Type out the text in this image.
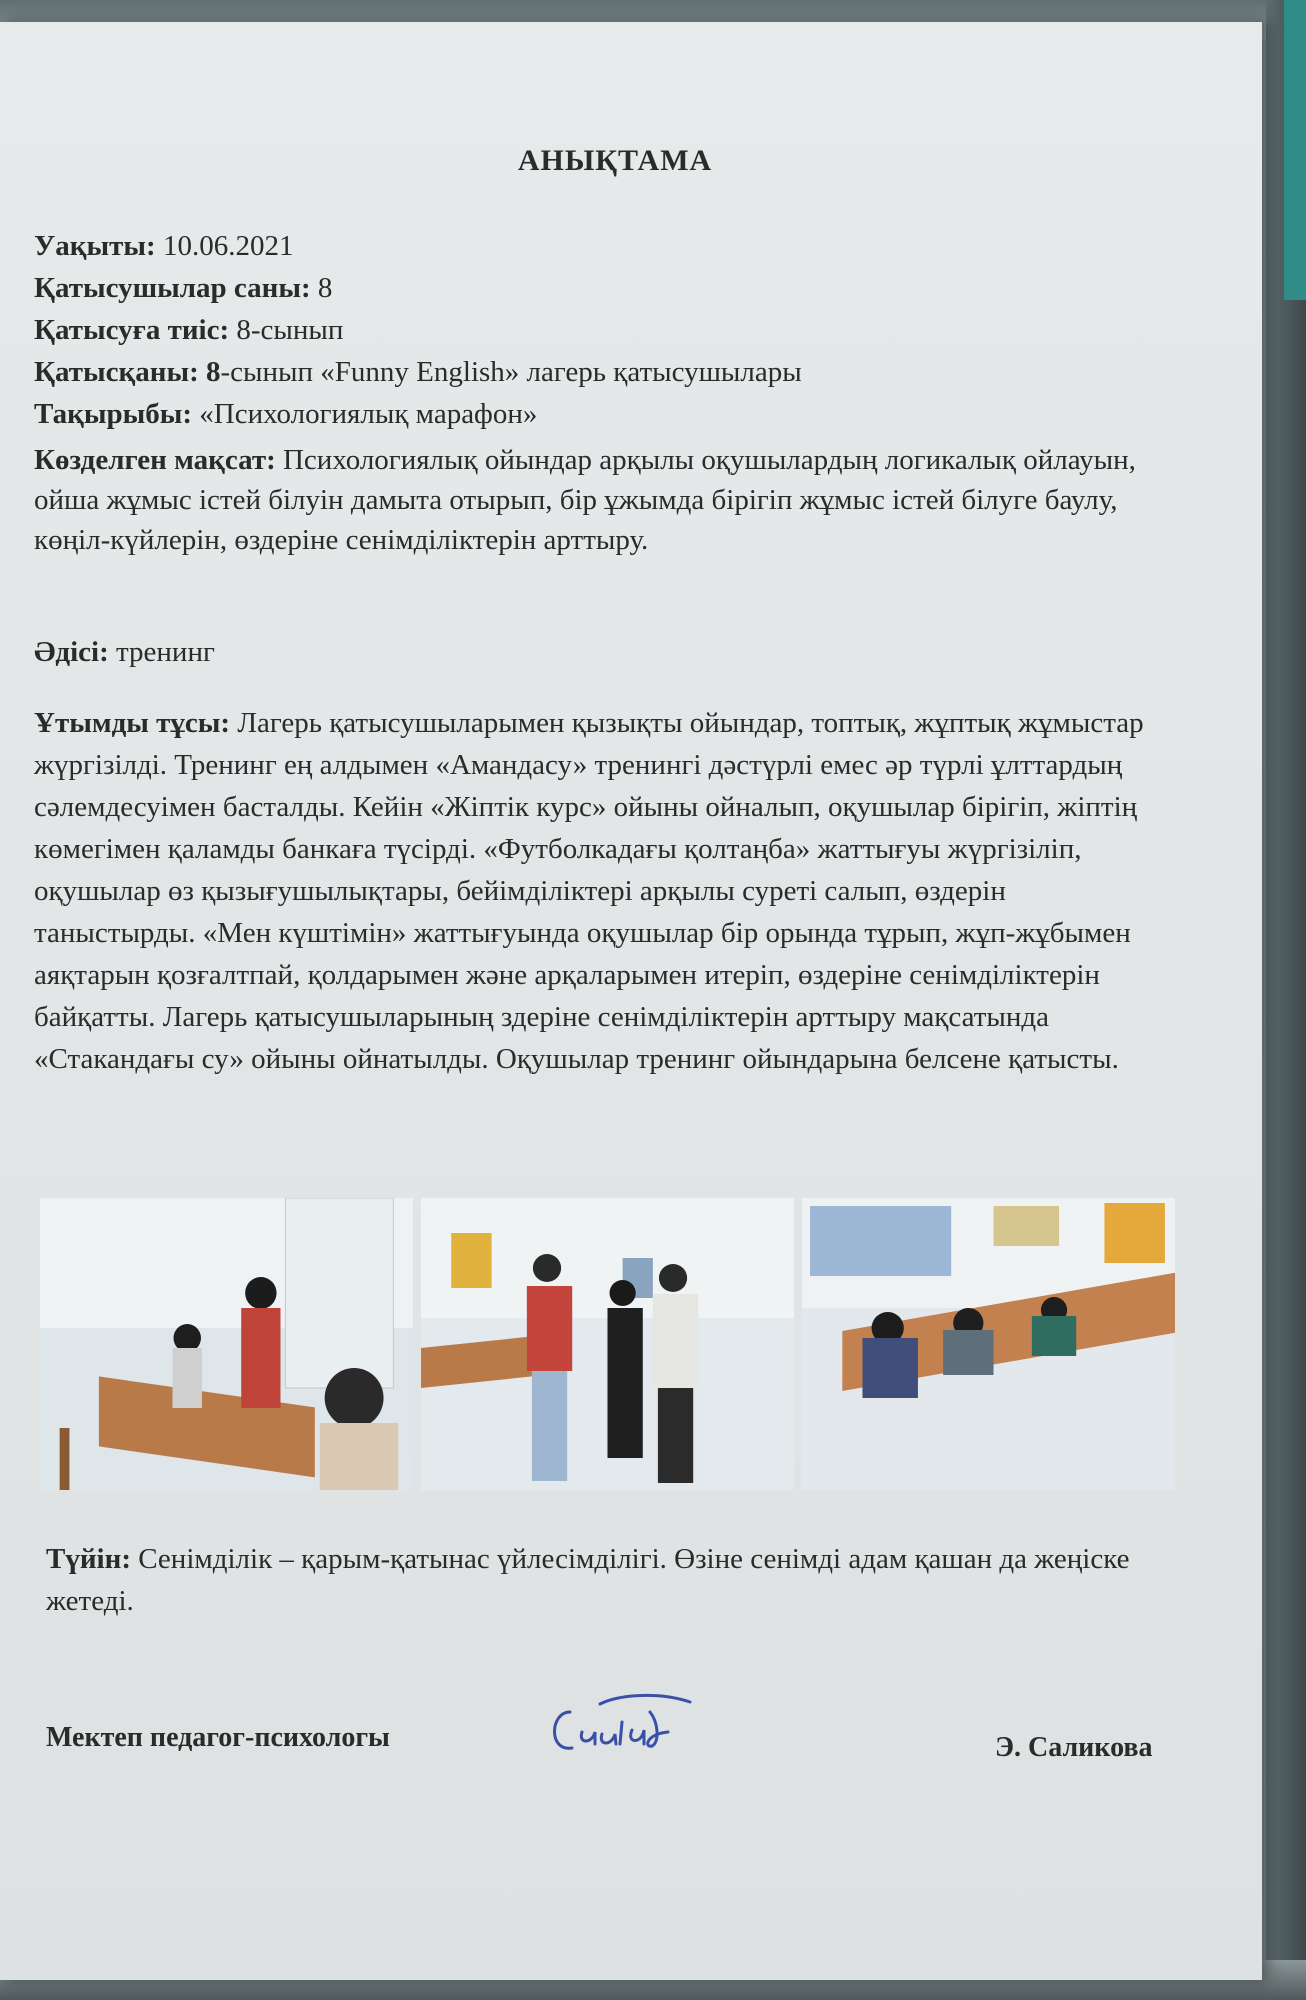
АНЫҚТАМА
Уақыты: 10.06.2021
Қатысушылар саны: 8
Қатысуға тиіс: 8-сынып
Қатысқаны: 8-сынып «Funny English» лагерь қатысушылары
Тақырыбы: «Психологиялық марафон»
Көзделген мақсат: Психологиялық ойындар арқылы оқушылардың логикалық ойлауын, ойша жұмыс істей білуін дамыта отырып, бір ұжымда бірігіп жұмыс істей білуге баулу, көңіл-күйлерін, өздеріне сенімділіктерін арттыру.
Әдісі: тренинг
Ұтымды тұсы: Лагерь қатысушыларымен қызықты ойындар, топтық, жұптық жұмыстар жүргізілді. Тренинг ең алдымен «Амандасу» тренингі дәстүрлі емес әр түрлі ұлттардың сәлемдесуімен басталды. Кейін «Жіптік курс» ойыны ойналып, оқушылар бірігіп, жіптің көмегімен қаламды банкаға түсірді. «Футболкадағы қолтаңба» жаттығуы жүргізіліп, оқушылар өз қызығушылықтары, бейімділіктері арқылы суреті салып, өздерін таныстырды. «Мен күштімін» жаттығуында оқушылар бір орында тұрып, жұп-жұбымен аяқтарын қозғалтпай, қолдарымен және арқаларымен итеріп, өздеріне сенімділіктерін байқатты. Лагерь қатысушыларының здеріне сенімділіктерін арттыру мақсатында «Стакандағы су» ойыны ойнатылды. Оқушылар тренинг ойындарына белсене қатысты.
Түйін: Сенімділік – қарым-қатынас үйлесімділігі. Өзіне сенімді адам қашан да жеңіске жетеді.
Мектеп педагог-психологы	Э. Саликова
